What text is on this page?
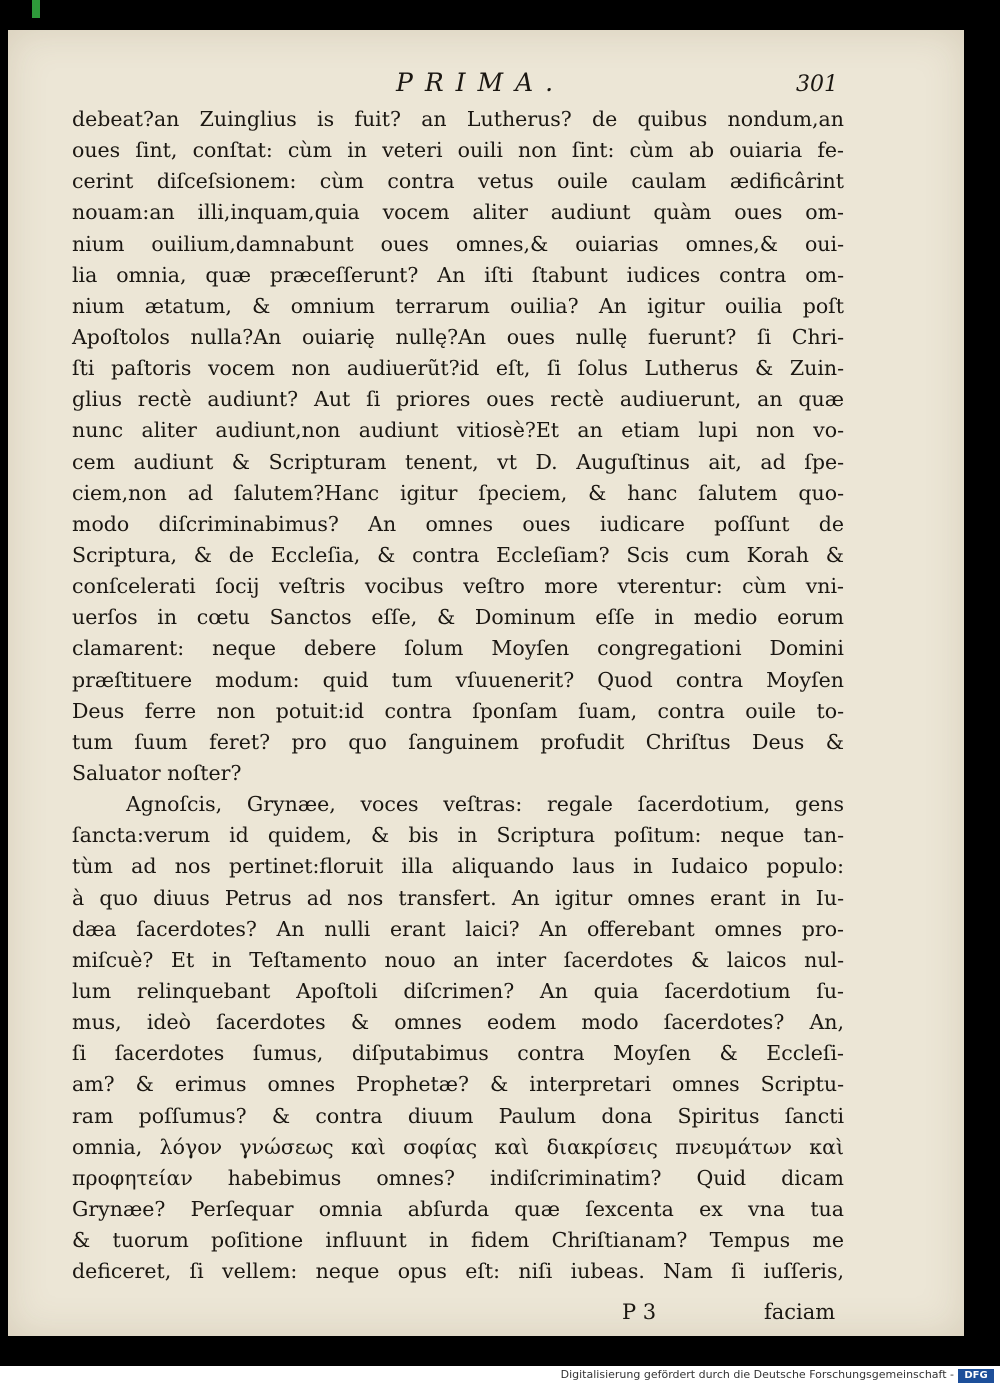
PRIMA.	301
debeat?an Zuinglius is fuit? an Lutherus? de quibus nondum,an
oues ſint, conſtat: cùm in veteri ouili non ſint: cùm ab ouiaria fe-
cerint diſceſsionem: cùm contra vetus ouile caulam ædificârint
nouam:an illi,inquam,quia vocem aliter audiunt quàm oues om-
nium ouilium,damnabunt oues omnes,& ouiarias omnes,& oui-
lia omnia, quæ præceſſerunt? An iſti ſtabunt iudices contra om-
nium ætatum, & omnium terrarum ouilia? An igitur ouilia poſt
Apoſtolos nulla?An ouiarię nullę?An oues nullę fuerunt? ſi Chri-
ſti paſtoris vocem non audiuerũt?id eſt, ſi ſolus Lutherus & Zuin-
glius rectè audiunt? Aut ſi priores oues rectè audiuerunt, an quæ
nunc aliter audiunt,non audiunt vitiosè?Et an etiam lupi non vo-
cem audiunt & Scripturam tenent, vt D. Auguſtinus ait, ad ſpe-
ciem,non ad ſalutem?Hanc igitur ſpeciem, & hanc ſalutem quo-
modo diſcriminabimus? An omnes oues iudicare poſſunt de
Scriptura, & de Eccleſia, & contra Eccleſiam? Scis cum Korah &
conſcelerati ſocij veſtris vocibus veſtro more vterentur: cùm vni-
uerſos in cœtu Sanctos eſſe, & Dominum eſſe in medio eorum
clamarent: neque debere ſolum Moyſen congregationi Domini
præſtituere modum: quid tum vſuuenerit? Quod contra Moyſen
Deus ferre non potuit:id contra ſponſam ſuam, contra ouile to-
tum ſuum feret? pro quo ſanguinem profudit Chriſtus Deus &
Saluator noſter?
Agnoſcis, Grynæe, voces veſtras: regale ſacerdotium, gens
ſancta:verum id quidem, & bis in Scriptura poſitum: neque tan-
tùm ad nos pertinet:floruit illa aliquando laus in Iudaico populo:
à quo diuus Petrus ad nos transfert. An igitur omnes erant in Iu-
dæa ſacerdotes? An nulli erant laici? An offerebant omnes pro-
miſcuè? Et in Teſtamento nouo an inter ſacerdotes & laicos nul-
lum relinquebant Apoſtoli diſcrimen? An quia ſacerdotium ſu-
mus, ideò ſacerdotes & omnes eodem modo ſacerdotes? An,
ſi ſacerdotes ſumus, diſputabimus contra Moyſen & Eccleſi-
am? & erimus omnes Prophetæ? & interpretari omnes Scriptu-
ram poſſumus? & contra diuum Paulum dona Spiritus ſancti
omnia, λόγον γνώσεως καὶ σοφίας καὶ διακρίσεις πνευμάτων καὶ
προφητείαν habebimus omnes? indiſcriminatim? Quid dicam
Grynæe? Perſequar omnia abſurda quæ ſexcenta ex vna tua
& tuorum poſitione influunt in fidem Chriſtianam? Tempus me
deficeret, ſi vellem: neque opus eſt: niſi iubeas. Nam ſi iuſſeris,
P 3	faciam
Digitalisierung gefördert durch die Deutsche Forschungsgemeinschaft -	DFG
